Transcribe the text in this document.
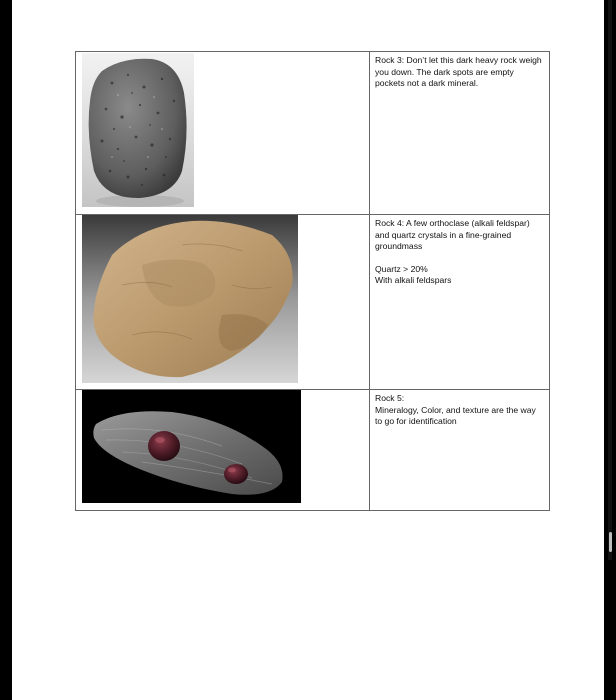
Rock 3: Don’t let this dark heavy rock weigh you down. The dark spots are empty pockets not a dark mineral.

Rock 4: A few orthoclase (alkali feldspar) and quartz crystals in a fine-grained groundmass

Quartz > 20%

With alkali feldspars

Rock 5:

Mineralogy, Color, and texture are the way to go for identification
